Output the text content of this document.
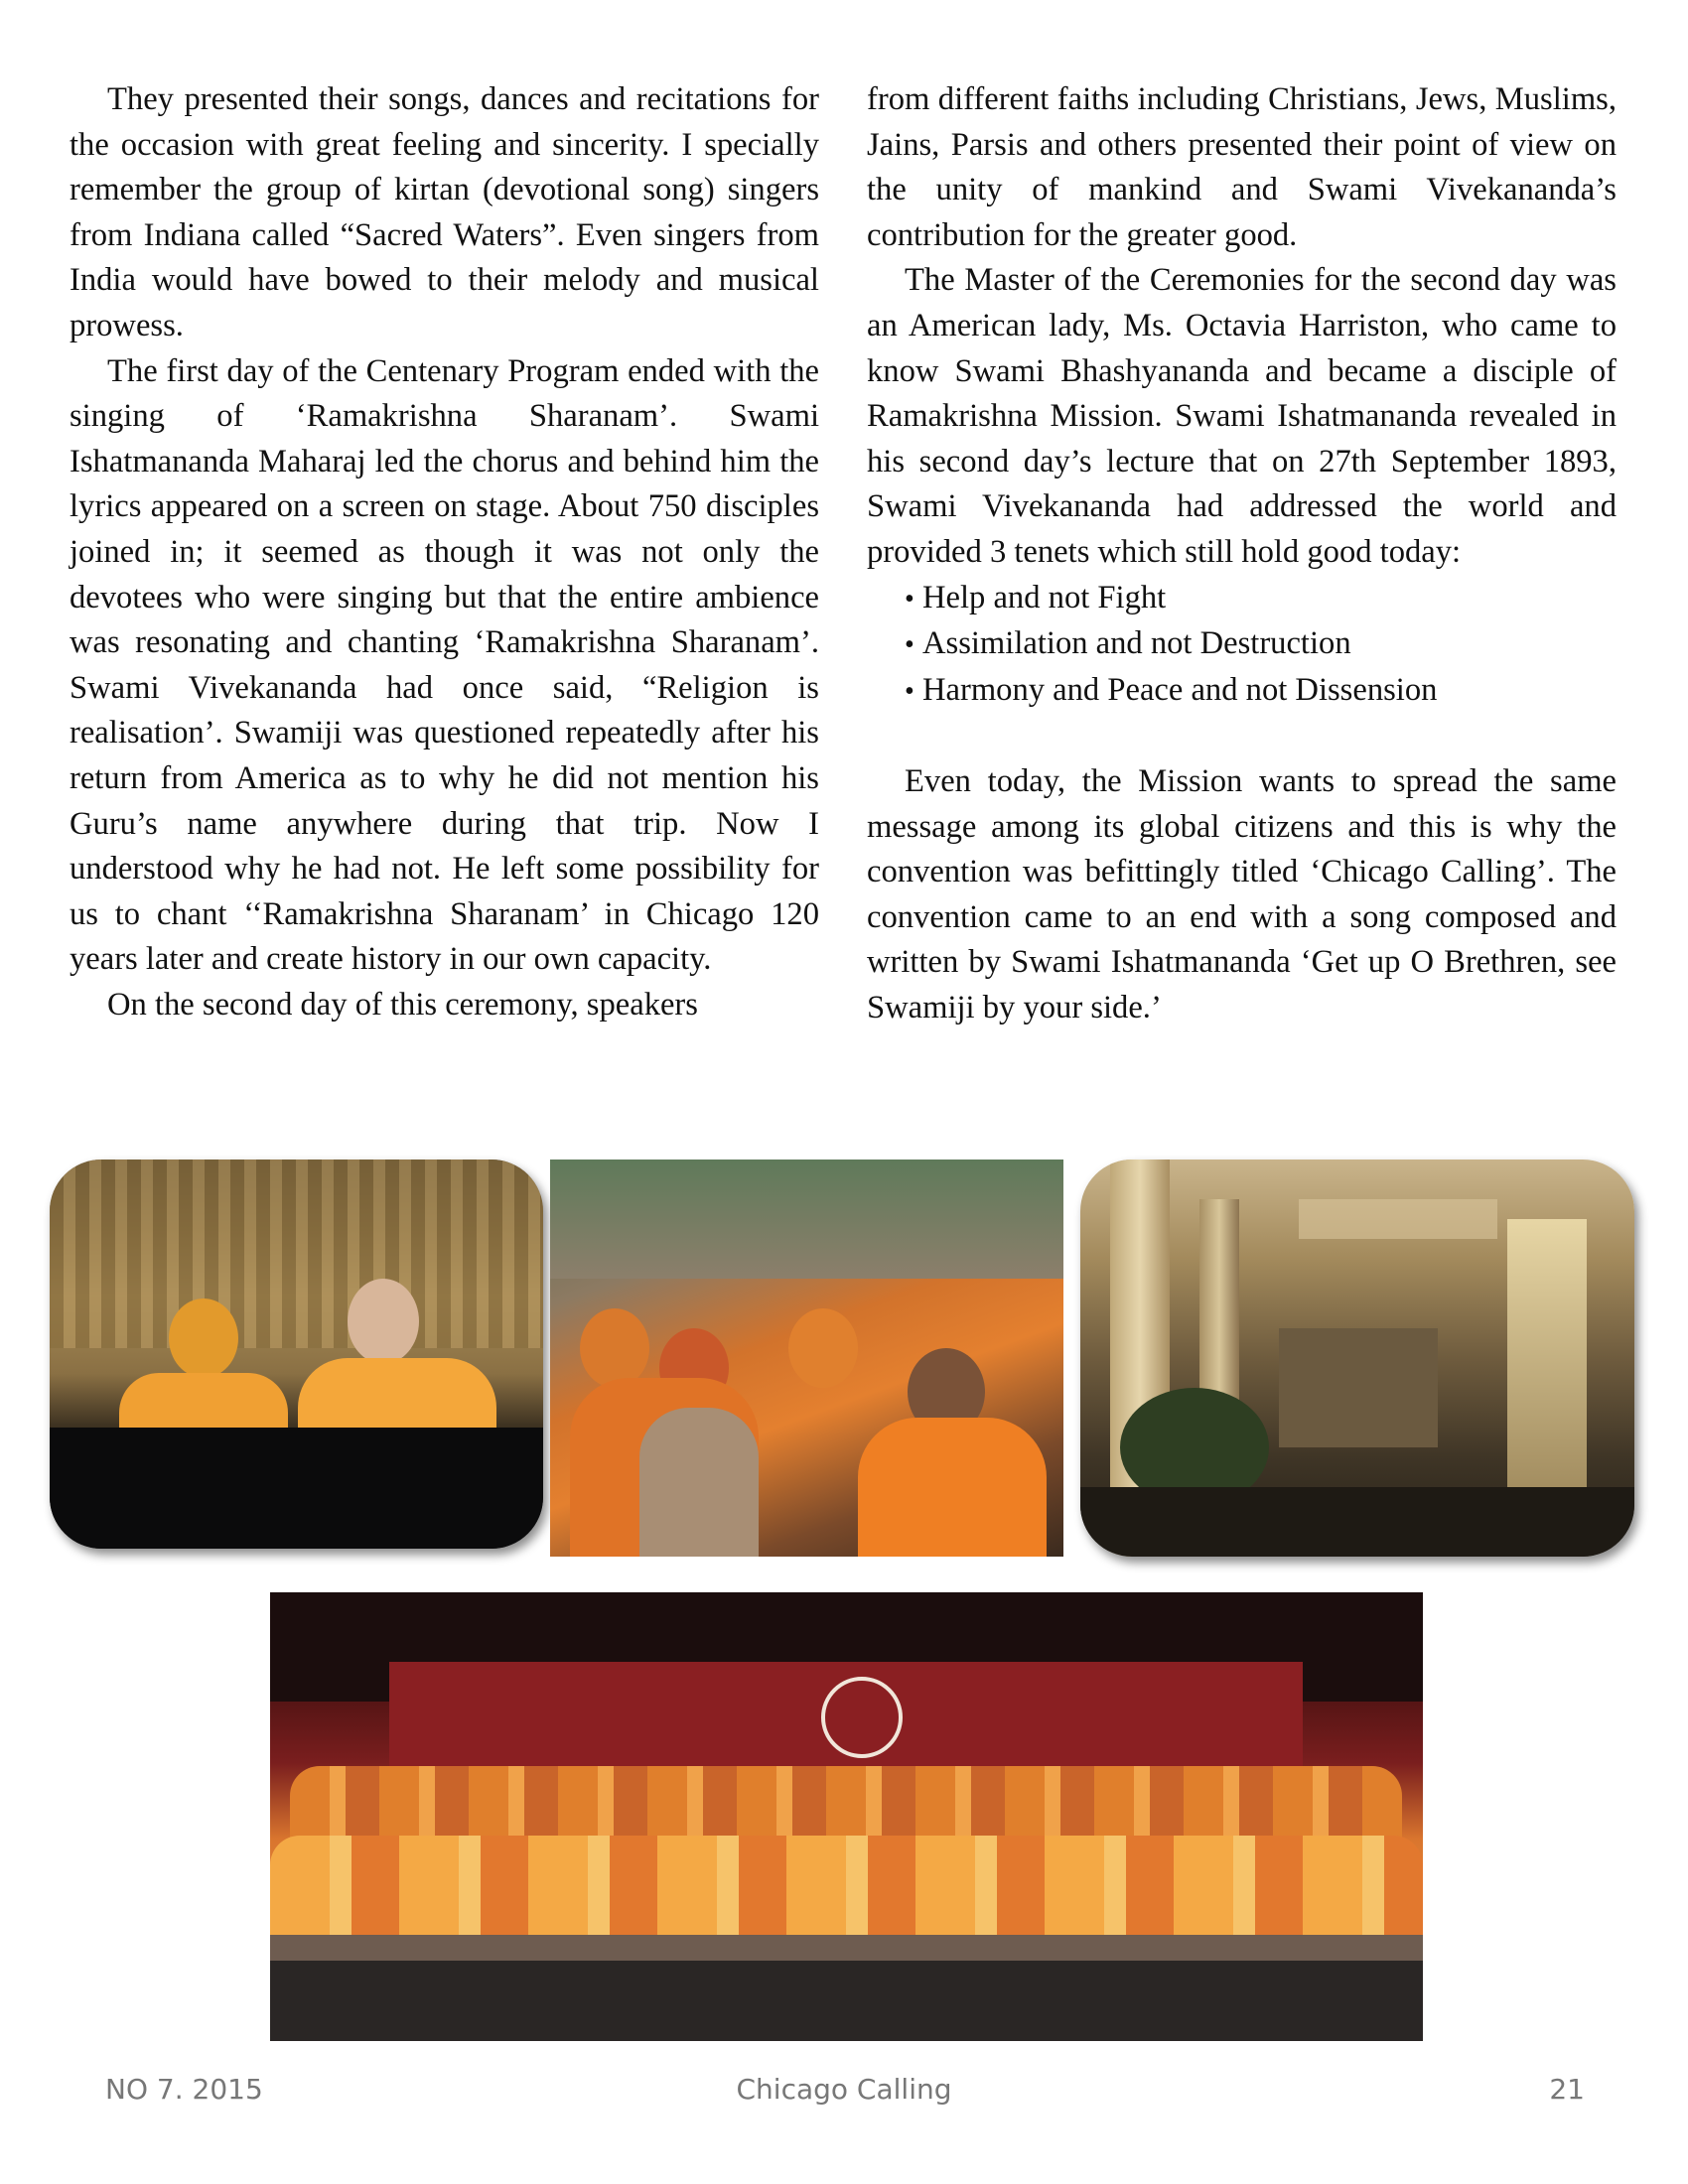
They presented their songs, dances and recitations for the occasion with great feeling and sincerity. I specially remember the group of kirtan (devotional song) singers from Indiana called “Sacred Waters”. Even singers from India would have bowed to their melody and musical prowess.

The first day of the Centenary Program ended with the singing of ‘Ramakrishna Sharanam’. Swami Ishatmananda Maharaj led the chorus and behind him the lyrics appeared on a screen on stage. About 750 disciples joined in; it seemed as though it was not only the devotees who were singing but that the entire ambience was resonating and chanting ‘Ramakrishna Sharanam’. Swami Vivekananda had once said, “Religion is realisation’. Swamiji was questioned repeatedly after his return from America as to why he did not mention his Guru’s name anywhere during that trip. Now I understood why he had not. He left some possibility for us to chant ‘‘Ramakrishna Sharanam’ in Chicago 120 years later and create history in our own capacity.

On the second day of this ceremony, speakers

from different faiths including Christians, Jews, Muslims, Jains, Parsis and others presented their point of view on the unity of mankind and Swami Vivekananda’s contribution for the greater good.

The Master of the Ceremonies for the second day was an American lady, Ms. Octavia Harriston, who came to know Swami Bhashyananda and became a disciple of Ramakrishna Mission. Swami Ishatmananda revealed in his second day’s lecture that on 27th September 1893, Swami Vivekananda had addressed the world and provided 3 tenets which still hold good today:

• Help and not Fight
• Assimilation and not Destruction
• Harmony and Peace and not Dissension

Even today, the Mission wants to spread the same message among its global citizens and this is why the convention was befittingly titled ‘Chicago Calling’. The convention came to an end with a song composed and written by Swami Ishatmananda ‘Get up O Brethren, see Swamiji by your side.’

NO 7. 2015	Chicago Calling	21
